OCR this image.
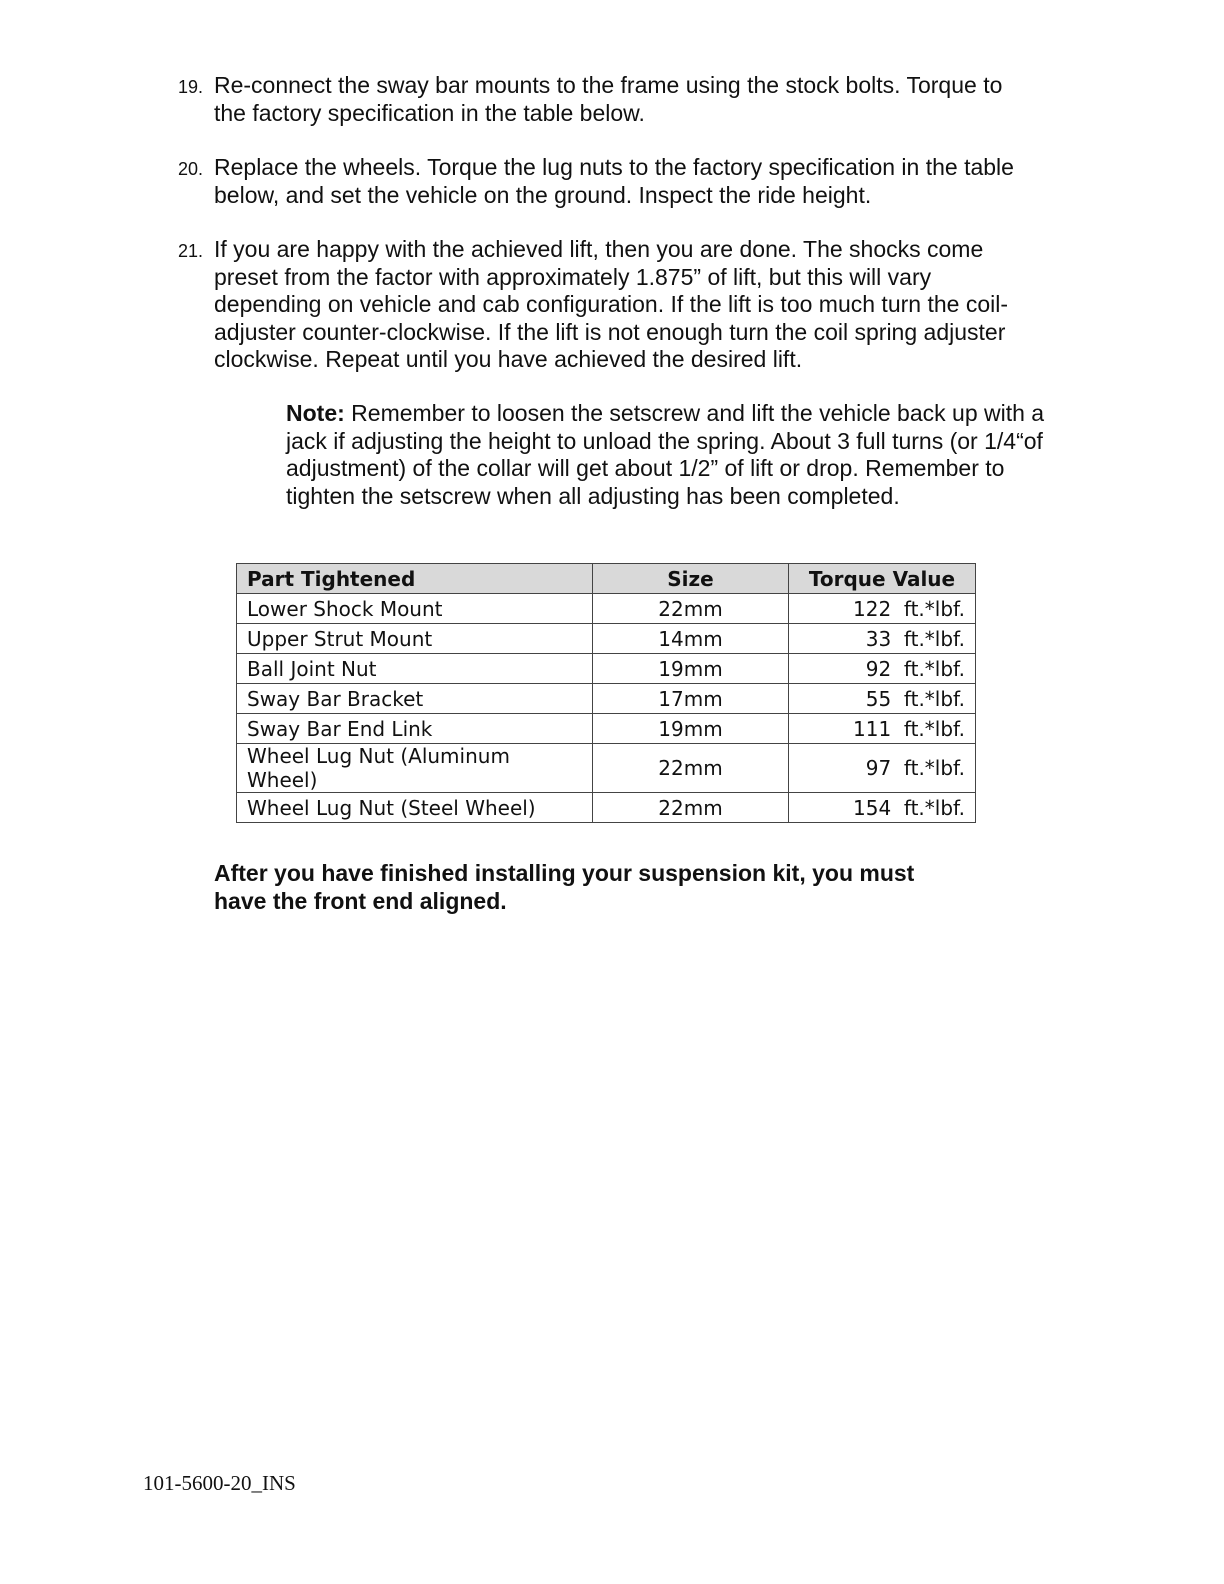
19. Re-connect the sway bar mounts to the frame using the stock bolts. Torque to
the factory specification in the table below.
20. Replace the wheels. Torque the lug nuts to the factory specification in the table
below, and set the vehicle on the ground. Inspect the ride height.
21. If you are happy with the achieved lift, then you are done. The shocks come
preset from the factor with approximately 1.875” of lift, but this will vary
depending on vehicle and cab configuration. If the lift is too much turn the coil-
adjuster counter-clockwise. If the lift is not enough turn the coil spring adjuster
clockwise. Repeat until you have achieved the desired lift.
Note: Remember to loosen the setscrew and lift the vehicle back up with a
jack if adjusting the height to unload the spring. About 3 full turns (or 1/4“of
adjustment) of the collar will get about 1/2” of lift or drop. Remember to
tighten the setscrew when all adjusting has been completed.
Part Tightened	Size	Torque Value
Lower Shock Mount	22mm	122  ft.*lbf.
Upper Strut Mount	14mm	33  ft.*lbf.
Ball Joint Nut	19mm	92  ft.*lbf.
Sway Bar Bracket	17mm	55  ft.*lbf.
Sway Bar End Link	19mm	111  ft.*lbf.
Wheel Lug Nut (Aluminum Wheel)	22mm	97  ft.*lbf.
Wheel Lug Nut (Steel Wheel)	22mm	154  ft.*lbf.
After you have finished installing your suspension kit, you must
have the front end aligned.
101-5600-20_INS
